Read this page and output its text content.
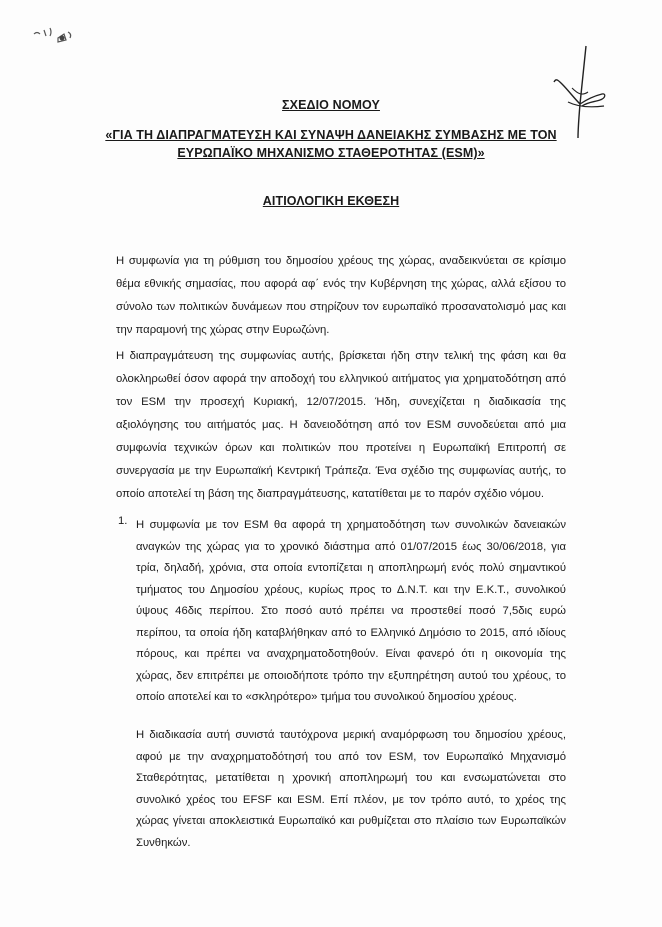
ΣΧΕΔΙΟ ΝΟΜΟΥ
«ΓΙΑ ΤΗ ΔΙΑΠΡΑΓΜΑΤΕΥΣΗ ΚΑΙ ΣΥΝΑΨΗ ΔΑΝΕΙΑΚΗΣ ΣΥΜΒΑΣΗΣ ΜΕ ΤΟΝ
ΕΥΡΩΠΑΪΚΟ ΜΗΧΑΝΙΣΜΟ ΣΤΑΘΕΡΟΤΗΤΑΣ (ESM)»
ΑΙΤΙΟΛΟΓΙΚΗ ΕΚΘΕΣΗ
Η συμφωνία για τη ρύθμιση του δημοσίου χρέους της χώρας, αναδεικνύεται σε κρίσιμο θέμα εθνικής σημασίας, που αφορά αφ΄ ενός την Κυβέρνηση της χώρας, αλλά εξίσου το σύνολο των πολιτικών δυνάμεων που στηρίζουν τον ευρωπαϊκό προσανατολισμό μας και την παραμονή της χώρας στην Ευρωζώνη.
Η διαπραγμάτευση της συμφωνίας αυτής, βρίσκεται ήδη στην τελική της φάση και θα ολοκληρωθεί όσον αφορά την αποδοχή του ελληνικού αιτήματος για χρηματοδότηση από τον ESM την προσεχή Κυριακή, 12/07/2015. Ήδη, συνεχίζεται η διαδικασία της αξιολόγησης του αιτήματός μας. Η δανειοδότηση από τον ESM συνοδεύεται από μια συμφωνία τεχνικών όρων και πολιτικών που προτείνει η Ευρωπαϊκή Επιτροπή σε συνεργασία με την Ευρωπαϊκή Κεντρική Τράπεζα. Ένα σχέδιο της συμφωνίας αυτής, το οποίο αποτελεί τη βάση της διαπραγμάτευσης, κατατίθεται με το παρόν σχέδιο νόμου.
1. Η συμφωνία με τον ESM θα αφορά τη χρηματοδότηση των συνολικών δανειακών αναγκών της χώρας για το χρονικό διάστημα από 01/07/2015 έως 30/06/2018, για τρία, δηλαδή, χρόνια, στα οποία εντοπίζεται η αποπληρωμή ενός πολύ σημαντικού τμήματος του Δημοσίου χρέους, κυρίως προς το Δ.Ν.Τ. και την Ε.Κ.Τ., συνολικού ύψους 46δις περίπου. Στο ποσό αυτό πρέπει να προστεθεί ποσό 7,5δις ευρώ περίπου, τα οποία ήδη καταβλήθηκαν από το Ελληνικό Δημόσιο το 2015, από ιδίους πόρους, και πρέπει να αναχρηματοδοτηθούν. Είναι φανερό ότι η οικονομία της χώρας, δεν επιτρέπει με οποιοδήποτε τρόπο την εξυπηρέτηση αυτού του χρέους, το οποίο αποτελεί και το «σκληρότερο» τμήμα του συνολικού δημοσίου χρέους.
Η διαδικασία αυτή συνιστά ταυτόχρονα μερική αναμόρφωση του δημοσίου χρέους, αφού με την αναχρηματοδότησή του από τον ESM, τον Ευρωπαϊκό Μηχανισμό Σταθερότητας, μετατίθεται η χρονική αποπληρωμή του και ενσωματώνεται στο συνολικό χρέος του EFSF και ESM. Επί πλέον, με τον τρόπο αυτό, το χρέος της χώρας γίνεται αποκλειστικά Ευρωπαϊκό και ρυθμίζεται στο πλαίσιο των Ευρωπαϊκών Συνθηκών.
